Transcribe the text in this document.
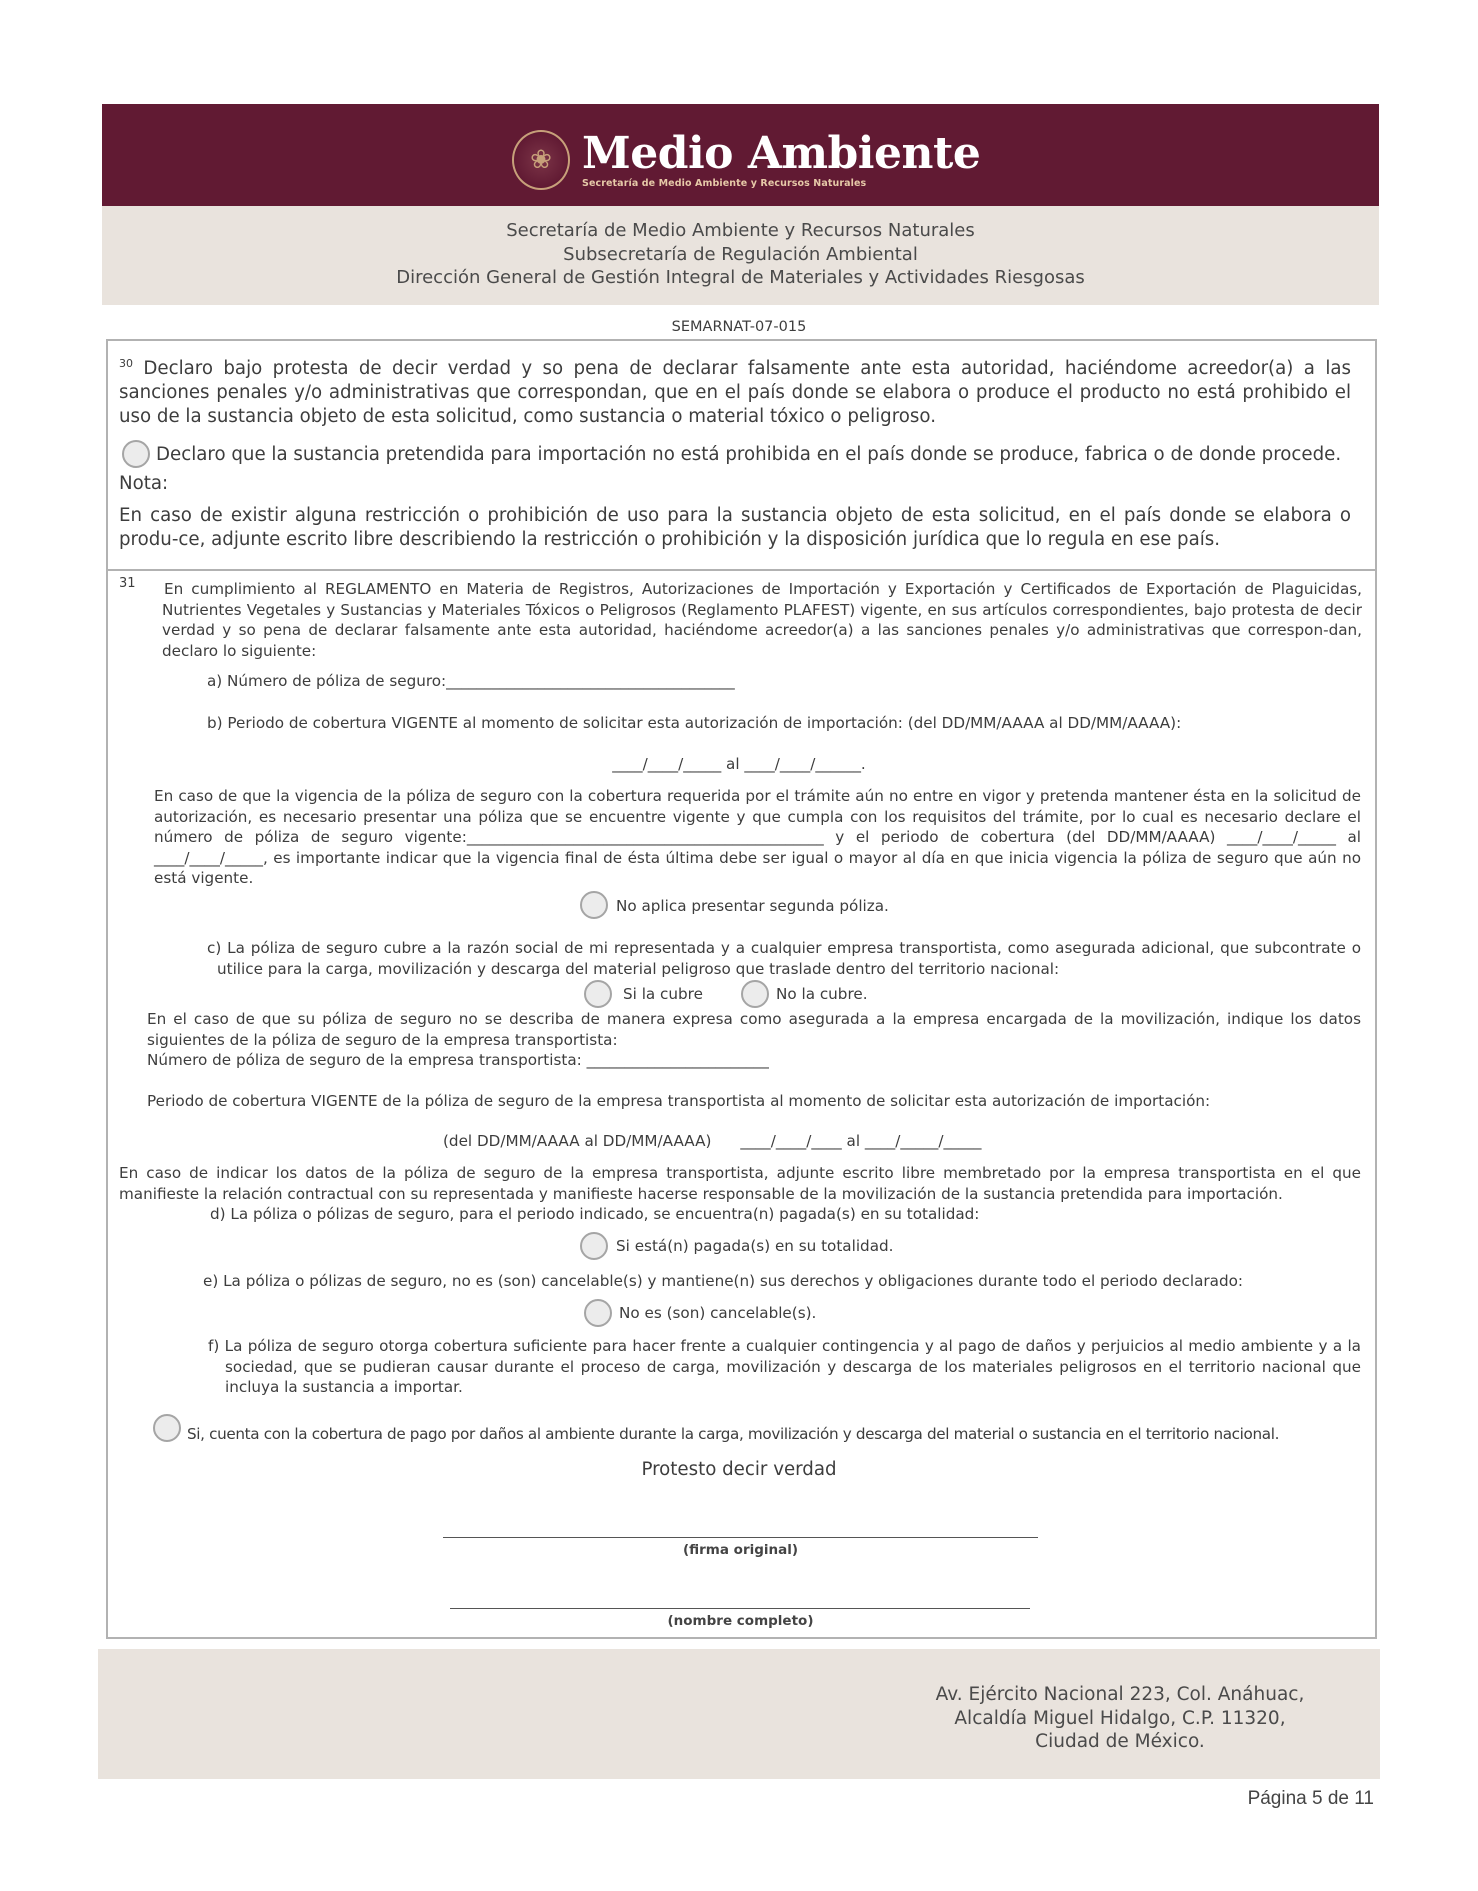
❀ Medio Ambiente
Secretaría de Medio Ambiente y Recursos Naturales
Secretaría de Medio Ambiente y Recursos Naturales
Subsecretaría de Regulación Ambiental
Dirección General de Gestión Integral de Materiales y Actividades Riesgosas
SEMARNAT-07-015

$^{30}$ Declaro bajo protesta de decir verdad y so pena de declarar falsamente ante esta autoridad, haciéndome acreedor(a) a las sanciones penales y/o administrativas que correspondan, que en el país donde se elabora o produce el producto no está prohibido el uso de la sustancia objeto de esta solicitud, como sustancia o material tóxico o peligroso.

Declaro que la sustancia pretendida para importación no está prohibida en el país donde se produce, fabrica o de donde procede.

Nota:

En caso de existir alguna restricción o prohibición de uso para la sustancia objeto de esta solicitud, en el país donde se elabora o produ-ce, adjunte escrito libre describiendo la restricción o prohibición y la disposición jurídica que lo regula en ese país.

31 En cumplimiento al REGLAMENTO en Materia de Registros, Autorizaciones de Importación y Exportación y Certificados de Exportación de Plaguicidas, Nutrientes Vegetales y Sustancias y Materiales Tóxicos o Peligrosos (Reglamento PLAFEST) vigente, en sus artículos correspondientes, bajo protesta de decir verdad y so pena de declarar falsamente ante esta autoridad, haciéndome acreedor(a) a las sanciones penales y/o administrativas que correspon-dan, declaro lo siguiente:

a) Número de póliza de seguro:______________________________________

b) Periodo de cobertura VIGENTE al momento de solicitar esta autorización de importación: (del DD/MM/AAAA al DD/MM/AAAA):

____/____/_____ al ____/____/______.

En caso de que la vigencia de la póliza de seguro con la cobertura requerida por el trámite aún no entre en vigor y pretenda mantener ésta en la solicitud de autorización, es necesario presentar una póliza que se encuentre vigente y que cumpla con los requisitos del trámite, por lo cual es necesario declare el número de póliza de seguro vigente:_______________________________________________ y el periodo de cobertura (del DD/MM/AAAA) ____/____/_____ al ____/____/_____, es importante indicar que la vigencia final de ésta última debe ser igual o mayor al día en que inicia vigencia la póliza de seguro que aún no está vigente.

No aplica presentar segunda póliza.

c) La póliza de seguro cubre a la razón social de mi representada y a cualquier empresa transportista, como asegurada adicional, que subcontrate o utilice para la carga, movilización y descarga del material peligroso que traslade dentro del territorio nacional:

Si la cubre	No la cubre.

En el caso de que su póliza de seguro no se describa de manera expresa como asegurada a la empresa encargada de la movilización, indique los datos siguientes de la póliza de seguro de la empresa transportista:

Número de póliza de seguro de la empresa transportista: ________________________

Periodo de cobertura VIGENTE de la póliza de seguro de la empresa transportista al momento de solicitar esta autorización de importación:

(del DD/MM/AAAA al DD/MM/AAAA)      ____/____/____ al ____/_____/_____

En caso de indicar los datos de la póliza de seguro de la empresa transportista, adjunte escrito libre membretado por la empresa transportista en el que manifieste la relación contractual con su representada y manifieste hacerse responsable de la movilización de la sustancia pretendida para importación.

d) La póliza o pólizas de seguro, para el periodo indicado, se encuentra(n) pagada(s) en su totalidad:

Si está(n) pagada(s) en su totalidad.

e) La póliza o pólizas de seguro, no es (son) cancelable(s) y mantiene(n) sus derechos y obligaciones durante todo el periodo declarado:

No es (son) cancelable(s).

f) La póliza de seguro otorga cobertura suficiente para hacer frente a cualquier contingencia y al pago de daños y perjuicios al medio ambiente y a la sociedad, que se pudieran causar durante el proceso de carga, movilización y descarga de los materiales peligrosos en el territorio nacional que incluya la sustancia a importar.

Si, cuenta con la cobertura de pago por daños al ambiente durante la carga, movilización y descarga del material o sustancia en el territorio nacional.

Protesto decir verdad

(firma original)
(nombre completo)
Av. Ejército Nacional 223, Col. Anáhuac,
Alcaldía Miguel Hidalgo, C.P. 11320,
Ciudad de México.
Página 5 de 11
